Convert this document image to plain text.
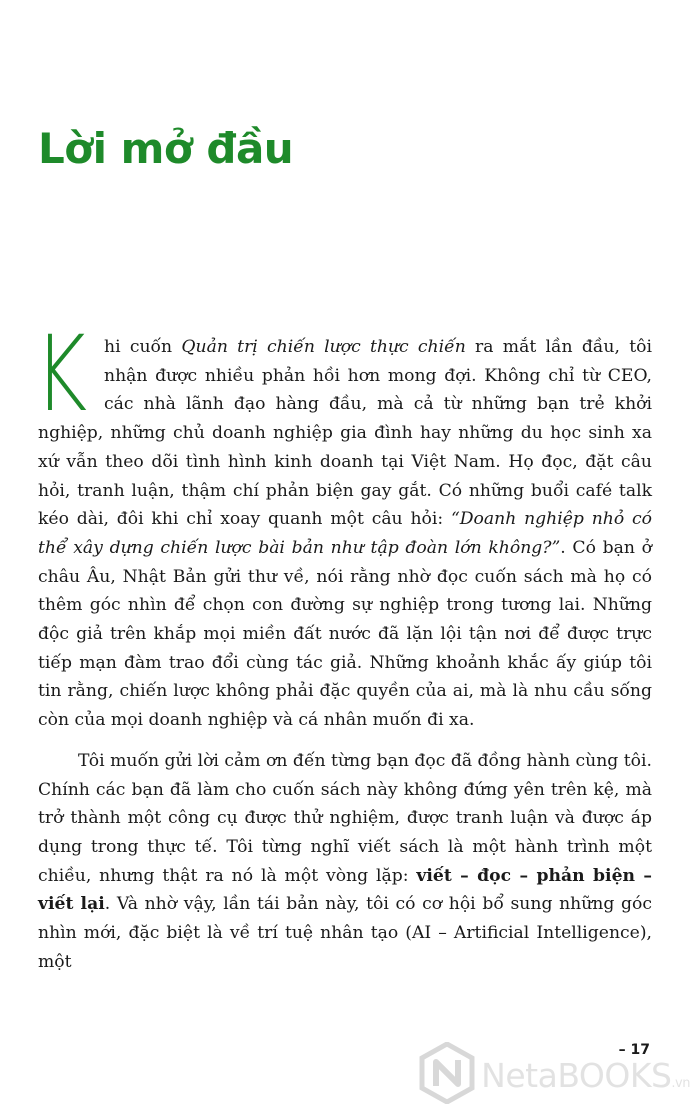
Lời mở đầu

Khi cuốn Quản trị chiến lược thực chiến ra mắt lần đầu, tôi nhận được nhiều phản hồi hơn mong đợi. Không chỉ từ CEO, các nhà lãnh đạo hàng đầu, mà cả từ những bạn trẻ khởi nghiệp, những chủ doanh nghiệp gia đình hay những du học sinh xa xứ vẫn theo dõi tình hình kinh doanh tại Việt Nam. Họ đọc, đặt câu hỏi, tranh luận, thậm chí phản biện gay gắt. Có những buổi café talk kéo dài, đôi khi chỉ xoay quanh một câu hỏi: “Doanh nghiệp nhỏ có thể xây dựng chiến lược bài bản như tập đoàn lớn không?”. Có bạn ở châu Âu, Nhật Bản gửi thư về, nói rằng nhờ đọc cuốn sách mà họ có thêm góc nhìn để chọn con đường sự nghiệp trong tương lai. Những độc giả trên khắp mọi miền đất nước đã lặn lội tận nơi để được trực tiếp mạn đàm trao đổi cùng tác giả. Những khoảnh khắc ấy giúp tôi tin rằng, chiến lược không phải đặc quyền của ai, mà là nhu cầu sống còn của mọi doanh nghiệp và cá nhân muốn đi xa.

Tôi muốn gửi lời cảm ơn đến từng bạn đọc đã đồng hành cùng tôi. Chính các bạn đã làm cho cuốn sách này không đứng yên trên kệ, mà trở thành một công cụ được thử nghiệm, được tranh luận và được áp dụng trong thực tế. Tôi từng nghĩ viết sách là một hành trình một chiều, nhưng thật ra nó là một vòng lặp: viết – đọc – phản biện – viết lại. Và nhờ vậy, lần tái bản này, tôi có cơ hội bổ sung những góc nhìn mới, đặc biệt là về trí tuệ nhân tạo (AI – Artificial Intelligence), một

– 17
NetaBOOKS.vn
